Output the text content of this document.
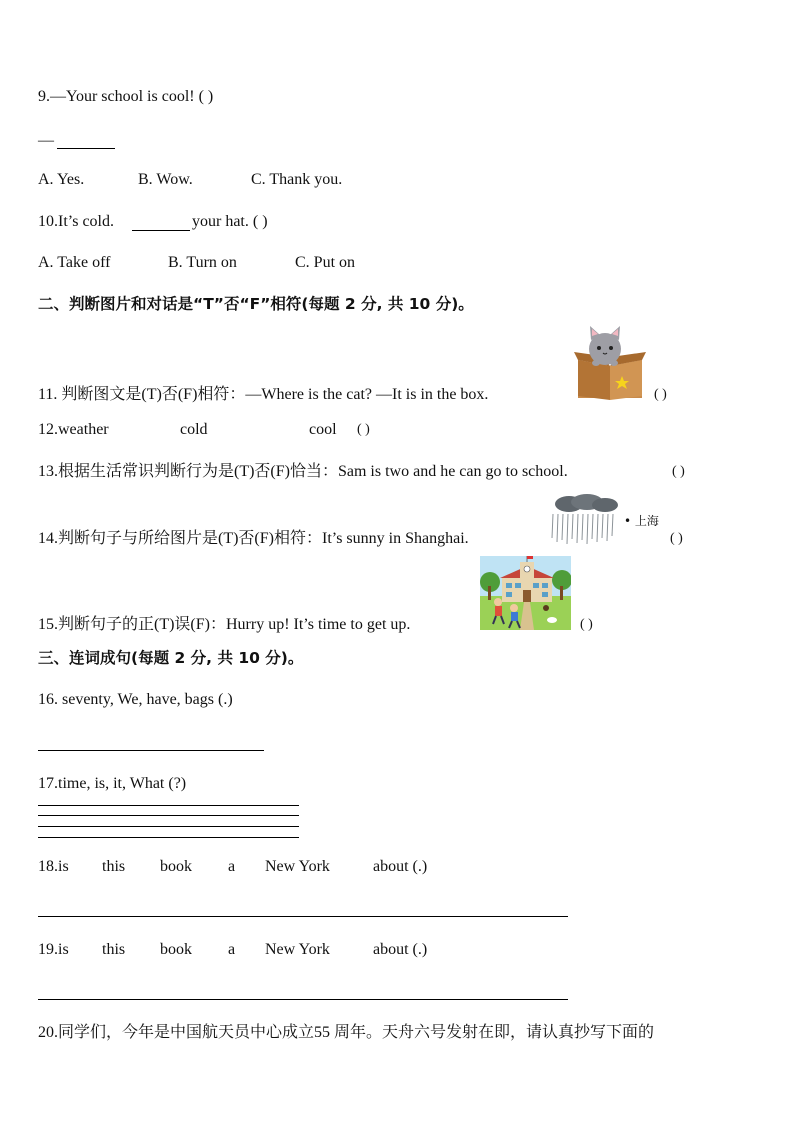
9.—Your school is cool! ( )
—
A. Yes.	B. Wow.	C. Thank you.
10.It’s cold.	your hat. ( )
A. Take off	B. Turn on	C. Put on
二、判断图片和对话是“T”否“F”相符(每题 2 分, 共 10 分)。
11. 判断图文是(T)否(F)相符：—Where is the cat? —It is in the box.	( )
12.weather	cold	cool ( )
13.根据生活常识判断行为是(T)否(F)恰当：Sam is two and he can go to school.	( )
• 上海
14.判断句子与所给图片是(T)否(F)相符：It’s sunny in Shanghai.	( )
15.判断句子的正(T)误(F)：Hurry up! It’s time to get up.	( )
三、连词成句(每题 2 分, 共 10 分)。
16. seventy, We, have, bags (.)
17.time, is, it, What (?)
18.is this book a New York	about (.)
19.is this book a New York	about (.)
20.同学们，今年是中国航天员中心成立55 周年。天舟六号发射在即，请认真抄写下面的
